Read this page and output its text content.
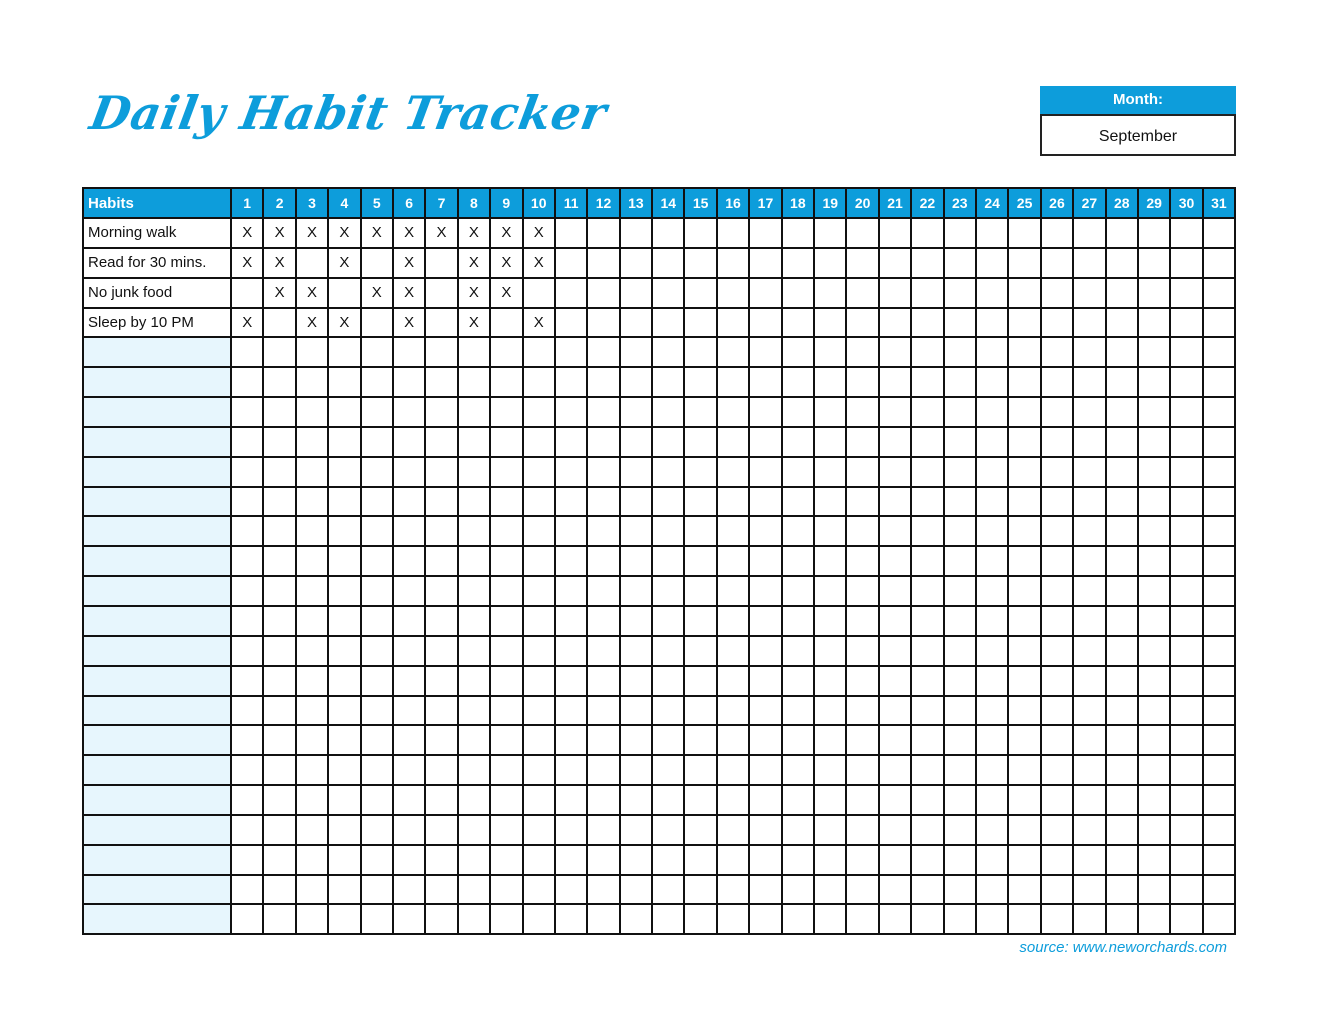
Daily Habit Tracker	Month:
September
Habits	1	2	3	4	5	6	7	8	9	10	11	12	13	14	15	16	17	18	19	20	21	22	23	24	25	26	27	28	29	30	31
Morning walk	X	X	X	X	X	X	X	X	X	X																					
Read for 30 mins.	X	X		X		X		X	X	X																					
No junk food		X	X		X	X		X	X																						
Sleep by 10 PM	X		X	X		X		X		X																					

source: www.neworchards.com
